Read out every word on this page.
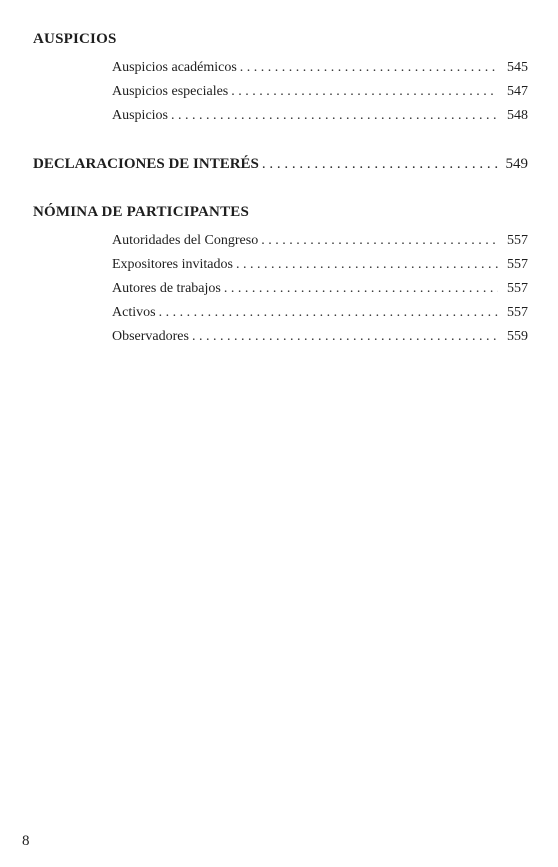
AUSPICIOS
Auspicios académicos . . .	545
Auspicios especiales . . .	547
Auspicios . . .	548
DECLARACIONES DE INTERÉS . . .	549
NÓMINA DE PARTICIPANTES
Autoridades del Congreso . . .	557
Expositores invitados . . .	557
Autores de trabajos . . .	557
Activos . . .	557
Observadores . . .	559
8
